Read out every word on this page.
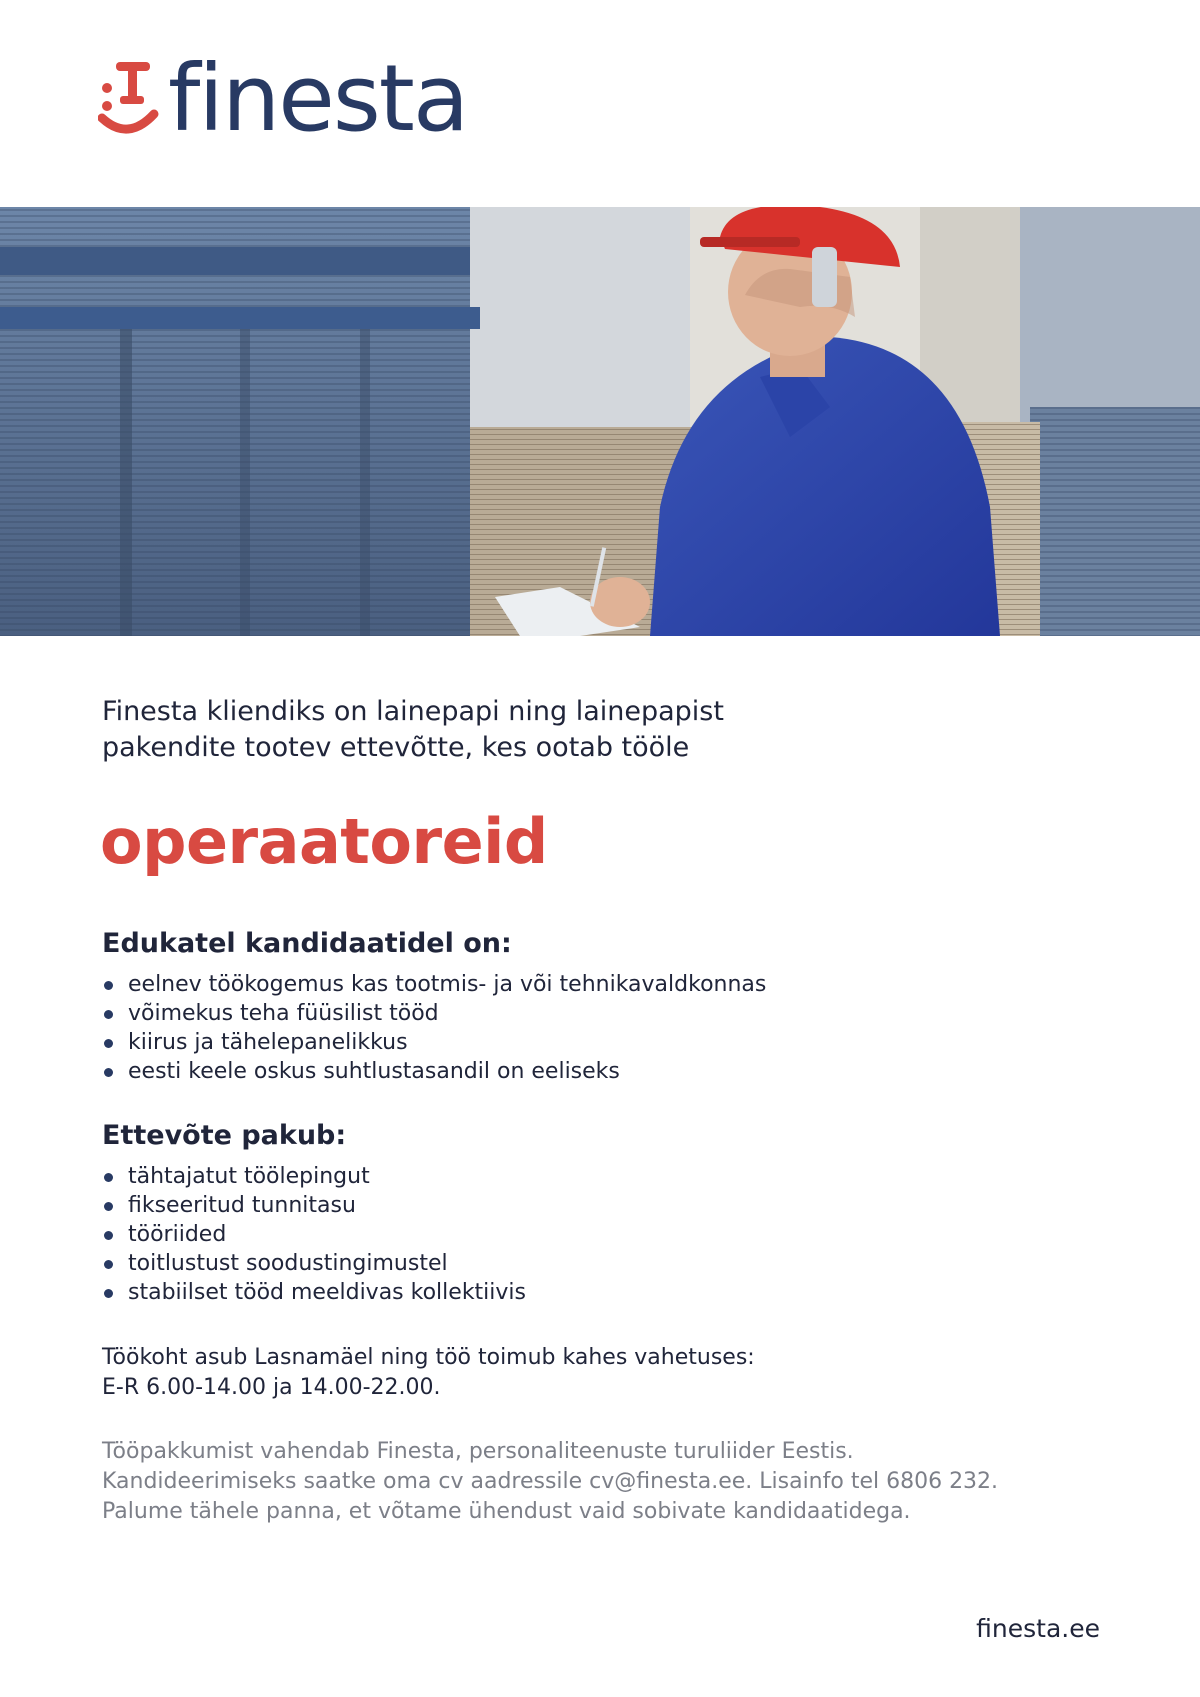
finesta

Finesta kliendiks on lainepapi ning lainepapist pakendite tootev ettevõtte, kes ootab tööle

operaatoreid
Edukatel kandidaatidel on:
eelnev töökogemus kas tootmis- ja või tehnikavaldkonnas
võimekus teha füüsilist tööd
kiirus ja tähelepanelikkus
eesti keele oskus suhtlustasandil on eeliseks
Ettevõte pakub:
tähtajatut töölepingut
fikseeritud tunnitasu
tööriided
toitlustust soodustingimustel
stabiilset tööd meeldivas kollektiivis
Töökoht asub Lasnamäel ning töö toimub kahes vahetuses:
E-R 6.00-14.00 ja 14.00-22.00.
Tööpakkumist vahendab Finesta, personaliteenuste turuliider Eestis.
Kandideerimiseks saatke oma cv aadressile cv@finesta.ee. Lisainfo tel 6806 232.
Palume tähele panna, et võtame ühendust vaid sobivate kandidaatidega.
finesta.ee
